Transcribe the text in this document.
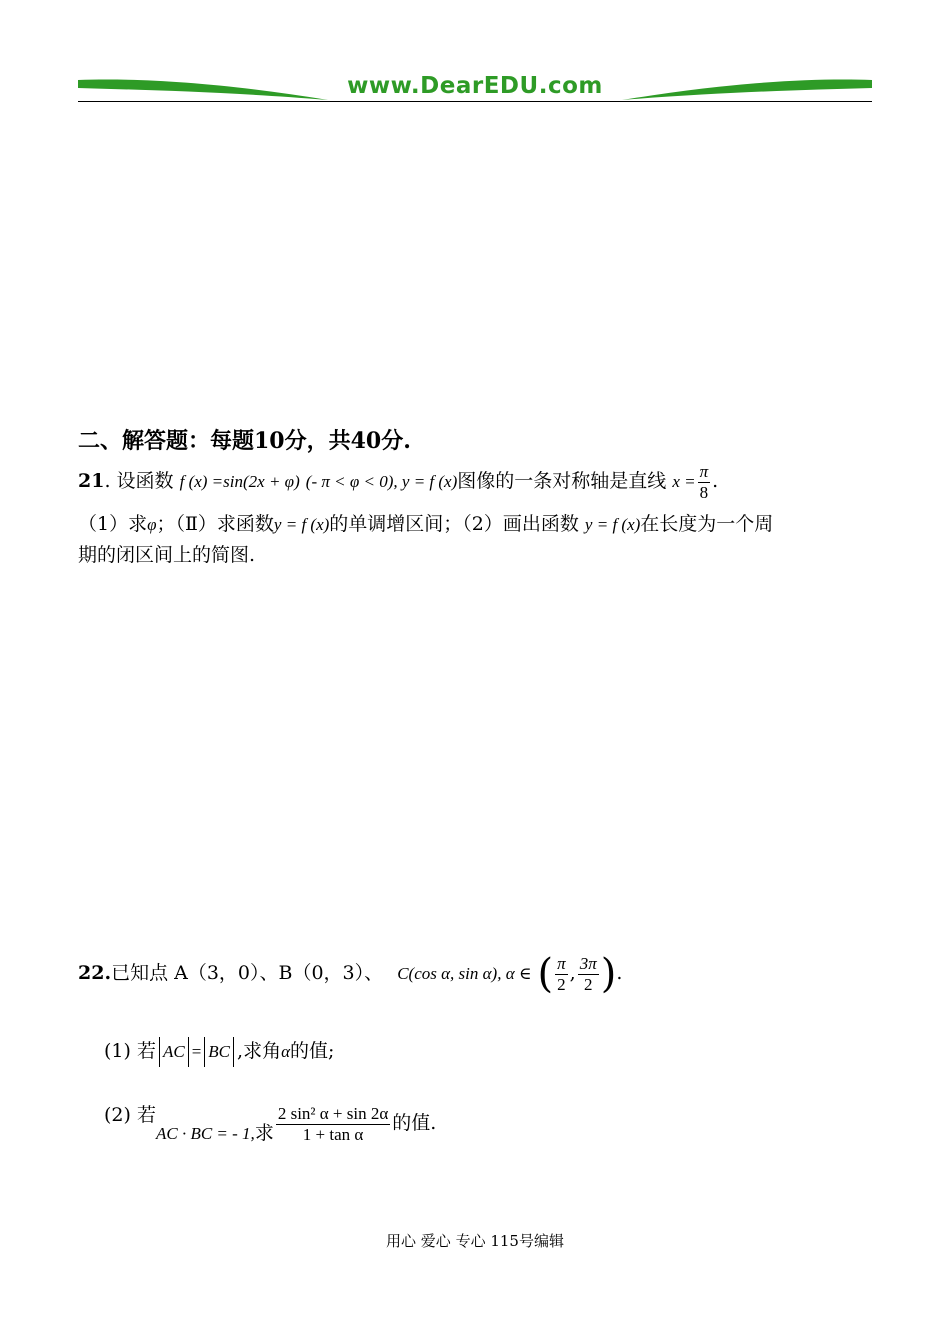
www.DearEDU.com
二、解答题：每题10分，共40分.
21. 设函数 f (x) =sin(2x + φ) (- π < φ < 0), y = f (x)图像的一条对称轴是直线 $x = \frac{\pi}{8}$ .
（1）求φ；（Ⅱ）求函数y = f (x)的单调增区间；（2）画出函数 y = f (x)在长度为一个周
期的闭区间上的简图.
22.已知点 A（3，0）、B（0，3）、 C(cos α, sin α), α ∈ ( $\frac{\pi}{2}$ , $\frac{3\pi}{2}$ ).
(1) 若 AC = BC ,求角α的值;
(2) 若AC · BC = - 1,求 $\frac{\text{2 sin² α + sin 2α}}{\text{1 + tan α}}$ 的值.
用心 爱心 专心 115号编辑
